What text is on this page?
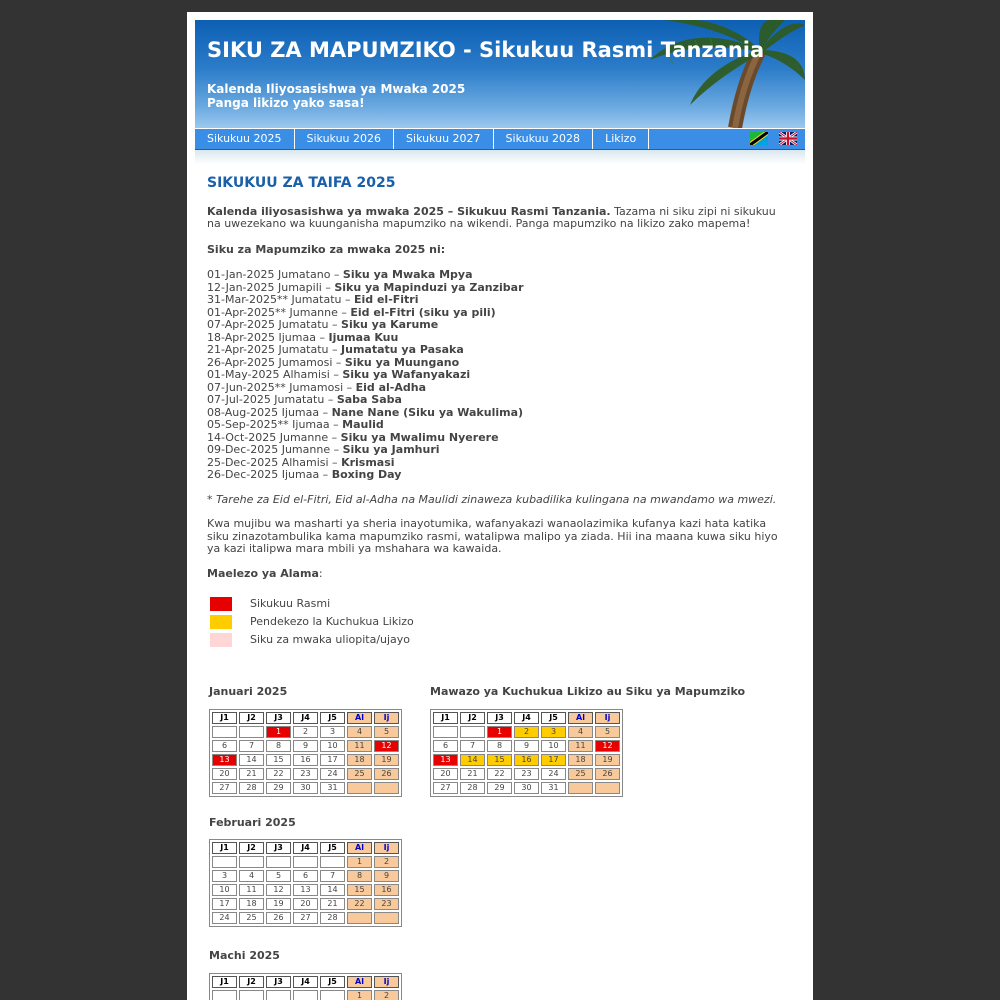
SIKU ZA MAPUMZIKO - Sikukuu Rasmi Tanzania
Kalenda Iliyosasishwa ya Mwaka 2025
Panga likizo yako sasa!
Sikukuu 2025	Sikukuu 2026	Sikukuu 2027	Sikukuu 2028	Likizo

SIKUKUU ZA TAIFA 2025

Kalenda iliyosasishwa ya mwaka 2025 – Sikukuu Rasmi Tanzania. Tazama ni siku zipi ni sikukuu na uwezekano wa kuunganisha mapumziko na wikendi. Panga mapumziko na likizo zako mapema!

Siku za Mapumziko za mwaka 2025 ni:

01-Jan-2025 Jumatano – Siku ya Mwaka Mpya
12-Jan-2025 Jumapili – Siku ya Mapinduzi ya Zanzibar
31-Mar-2025** Jumatatu – Eid el-Fitri
01-Apr-2025** Jumanne – Eid el-Fitri (siku ya pili)
07-Apr-2025 Jumatatu – Siku ya Karume
18-Apr-2025 Ijumaa – Ijumaa Kuu
21-Apr-2025 Jumatatu – Jumatatu ya Pasaka
26-Apr-2025 Jumamosi – Siku ya Muungano
01-May-2025 Alhamisi – Siku ya Wafanyakazi
07-Jun-2025** Jumamosi – Eid al-Adha
07-Jul-2025 Jumatatu – Saba Saba
08-Aug-2025 Ijumaa – Nane Nane (Siku ya Wakulima)
05-Sep-2025** Ijumaa – Maulid
14-Oct-2025 Jumanne – Siku ya Mwalimu Nyerere
09-Dec-2025 Jumanne – Siku ya Jamhuri
25-Dec-2025 Alhamisi – Krismasi
26-Dec-2025 Ijumaa – Boxing Day

* Tarehe za Eid el-Fitri, Eid al-Adha na Maulidi zinaweza kubadilika kulingana na mwandamo wa mwezi.

Kwa mujibu wa masharti ya sheria inayotumika, wafanyakazi wanaolazimika kufanya kazi hata katika siku zinazotambulika kama mapumziko rasmi, watalipwa malipo ya ziada. Hii ina maana kuwa siku hiyo ya kazi italipwa mara mbili ya mshahara wa kawaida.

Maelezo ya Alama:

Sikukuu Rasmi
Pendekezo la Kuchukua Likizo
Siku za mwaka uliopita/ujayo
Januari 2025	Mawazo ya Kuchukua Likizo au Siku ya Mapumziko
J1	J2	J3	J4	J5	Al	Ij
		1	2	3	4	5
6	7	8	9	10	11	12
13	14	15	16	17	18	19
20	21	22	23	24	25	26
27	28	29	30	31		
J1	J2	J3	J4	J5	Al	Ij
		1	2	3	4	5
6	7	8	9	10	11	12
13	14	15	16	17	18	19
20	21	22	23	24	25	26
27	28	29	30	31		
Februari 2025
J1	J2	J3	J4	J5	Al	Ij
					1	2
3	4	5	6	7	8	9
10	11	12	13	14	15	16
17	18	19	20	21	22	23
24	25	26	27	28		
Machi 2025
J1	J2	J3	J4	J5	Al	Ij
					1	2
